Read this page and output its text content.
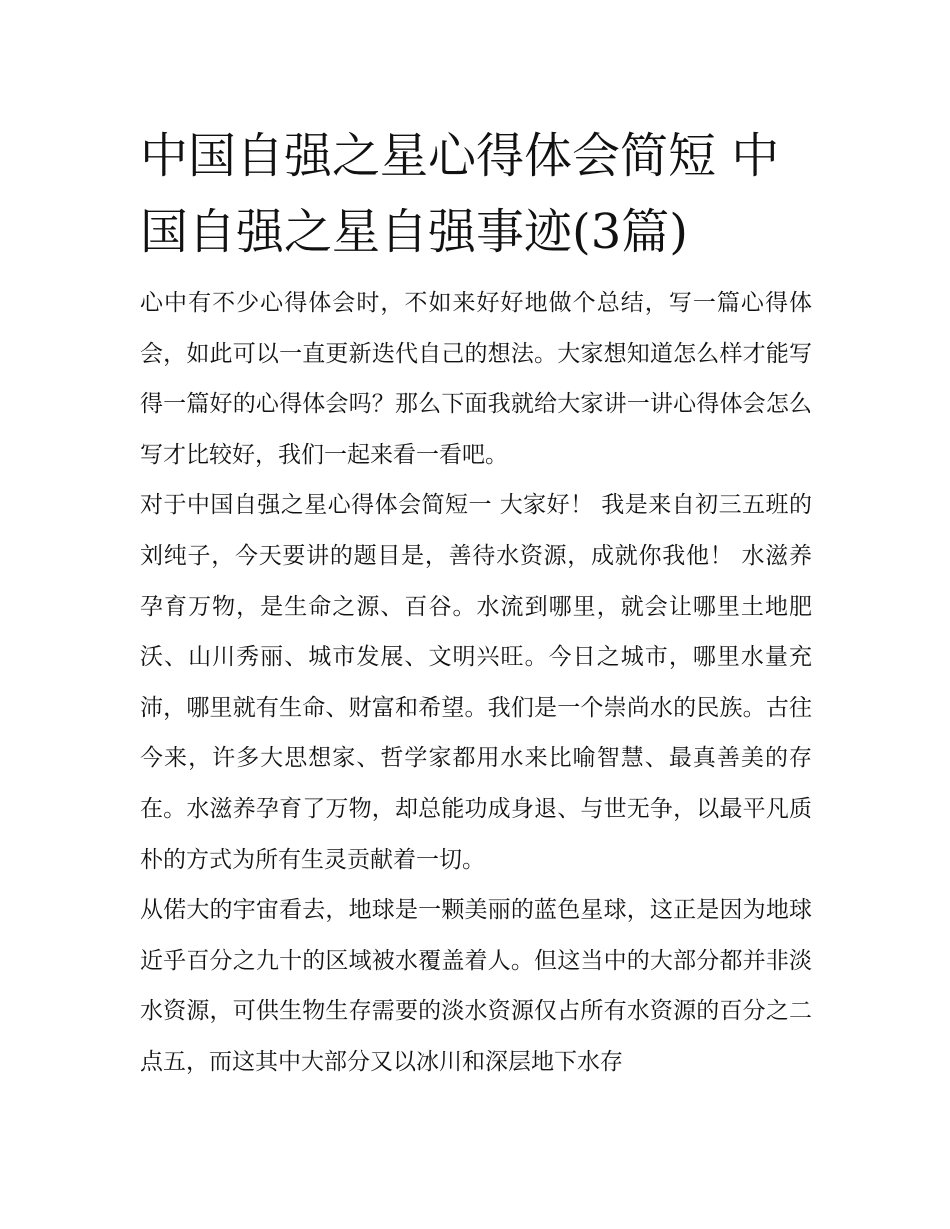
中国自强之星心得体会简短 中国自强之星自强事迹(3篇)

心中有不少心得体会时，不如来好好地做个总结，写一篇心得体会，如此可以一直更新迭代自己的想法。大家想知道怎么样才能写得一篇好的心得体会吗？那么下面我就给大家讲一讲心得体会怎么写才比较好，我们一起来看一看吧。

对于中国自强之星心得体会简短一 大家好！ 我是来自初三五班的刘纯子，今天要讲的题目是，善待水资源，成就你我他！ 水滋养孕育万物，是生命之源、百谷。水流到哪里，就会让哪里土地肥沃、山川秀丽、城市发展、文明兴旺。今日之城市，哪里水量充沛，哪里就有生命、财富和希望。我们是一个崇尚水的民族。古往今来，许多大思想家、哲学家都用水来比喻智慧、最真善美的存在。水滋养孕育了万物，却总能功成身退、与世无争，以最平凡质朴的方式为所有生灵贡献着一切。

从偌大的宇宙看去，地球是一颗美丽的蓝色星球，这正是因为地球近乎百分之九十的区域被水覆盖着人。但这当中的大部分都并非淡水资源，可供生物生存需要的淡水资源仅占所有水资源的百分之二点五，而这其中大部分又以冰川和深层地下水存
